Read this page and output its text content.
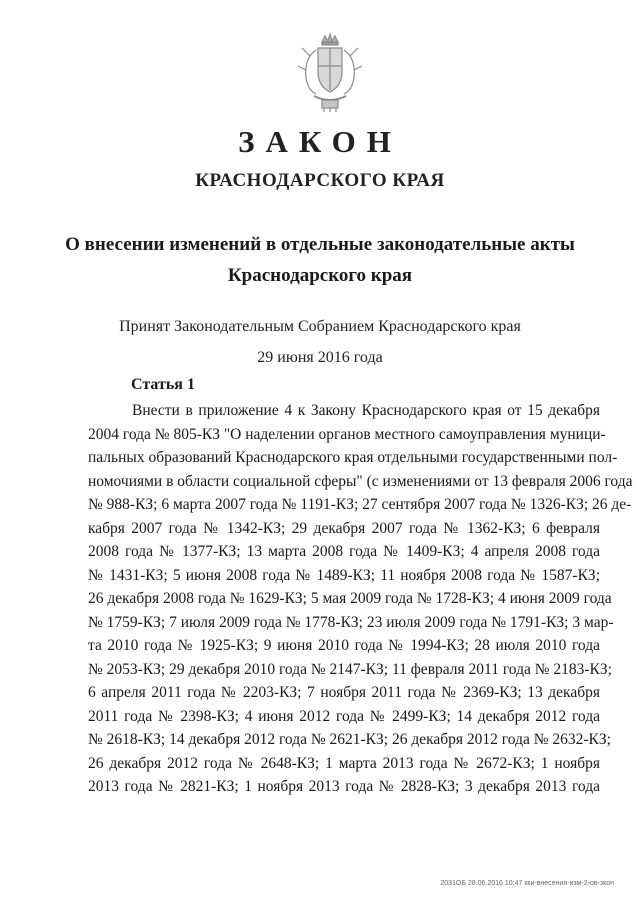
ЗАКОН
КРАСНОДАРСКОГО КРАЯ
О внесении изменений в отдельные законодательные акты
Краснодарского края
Принят Законодательным Собранием Краснодарского края
29 июня 2016 года
Статья 1
Внести в приложение 4 к Закону Краснодарского края от 15 декабря
2004 года № 805-КЗ "О наделении органов местного самоуправления муници-
пальных образований Краснодарского края отдельными государственными пол-
номочиями в области социальной сферы" (с изменениями от 13 февраля 2006 года
№ 988-КЗ; 6 марта 2007 года № 1191-КЗ; 27 сентября 2007 года № 1326-КЗ; 26 де-
кабря 2007 года № 1342-КЗ; 29 декабря 2007 года № 1362-КЗ; 6 февраля
2008 года № 1377-КЗ; 13 марта 2008 года № 1409-КЗ; 4 апреля 2008 года
№ 1431-КЗ; 5 июня 2008 года № 1489-КЗ; 11 ноября 2008 года № 1587-КЗ;
26 декабря 2008 года № 1629-КЗ; 5 мая 2009 года № 1728-КЗ; 4 июня 2009 года
№ 1759-КЗ; 7 июля 2009 года № 1778-КЗ; 23 июля 2009 года № 1791-КЗ; 3 мар-
та 2010 года № 1925-КЗ; 9 июня 2010 года № 1994-КЗ; 28 июля 2010 года
№ 2053-КЗ; 29 декабря 2010 года № 2147-КЗ; 11 февраля 2011 года № 2183-КЗ;
6 апреля 2011 года № 2203-КЗ; 7 ноября 2011 года № 2369-КЗ; 13 декабря
2011 года № 2398-КЗ; 4 июня 2012 года № 2499-КЗ; 14 декабря 2012 года
№ 2618-КЗ; 14 декабря 2012 года № 2621-КЗ; 26 декабря 2012 года № 2632-КЗ;
26 декабря 2012 года № 2648-КЗ; 1 марта 2013 года № 2672-КЗ; 1 ноября
2013 года № 2821-КЗ; 1 ноября 2013 года № 2828-КЗ; 3 декабря 2013 года
2031ОБ 28.06.2016 10:47 кки-внесения-изм-2-ов-зкон
